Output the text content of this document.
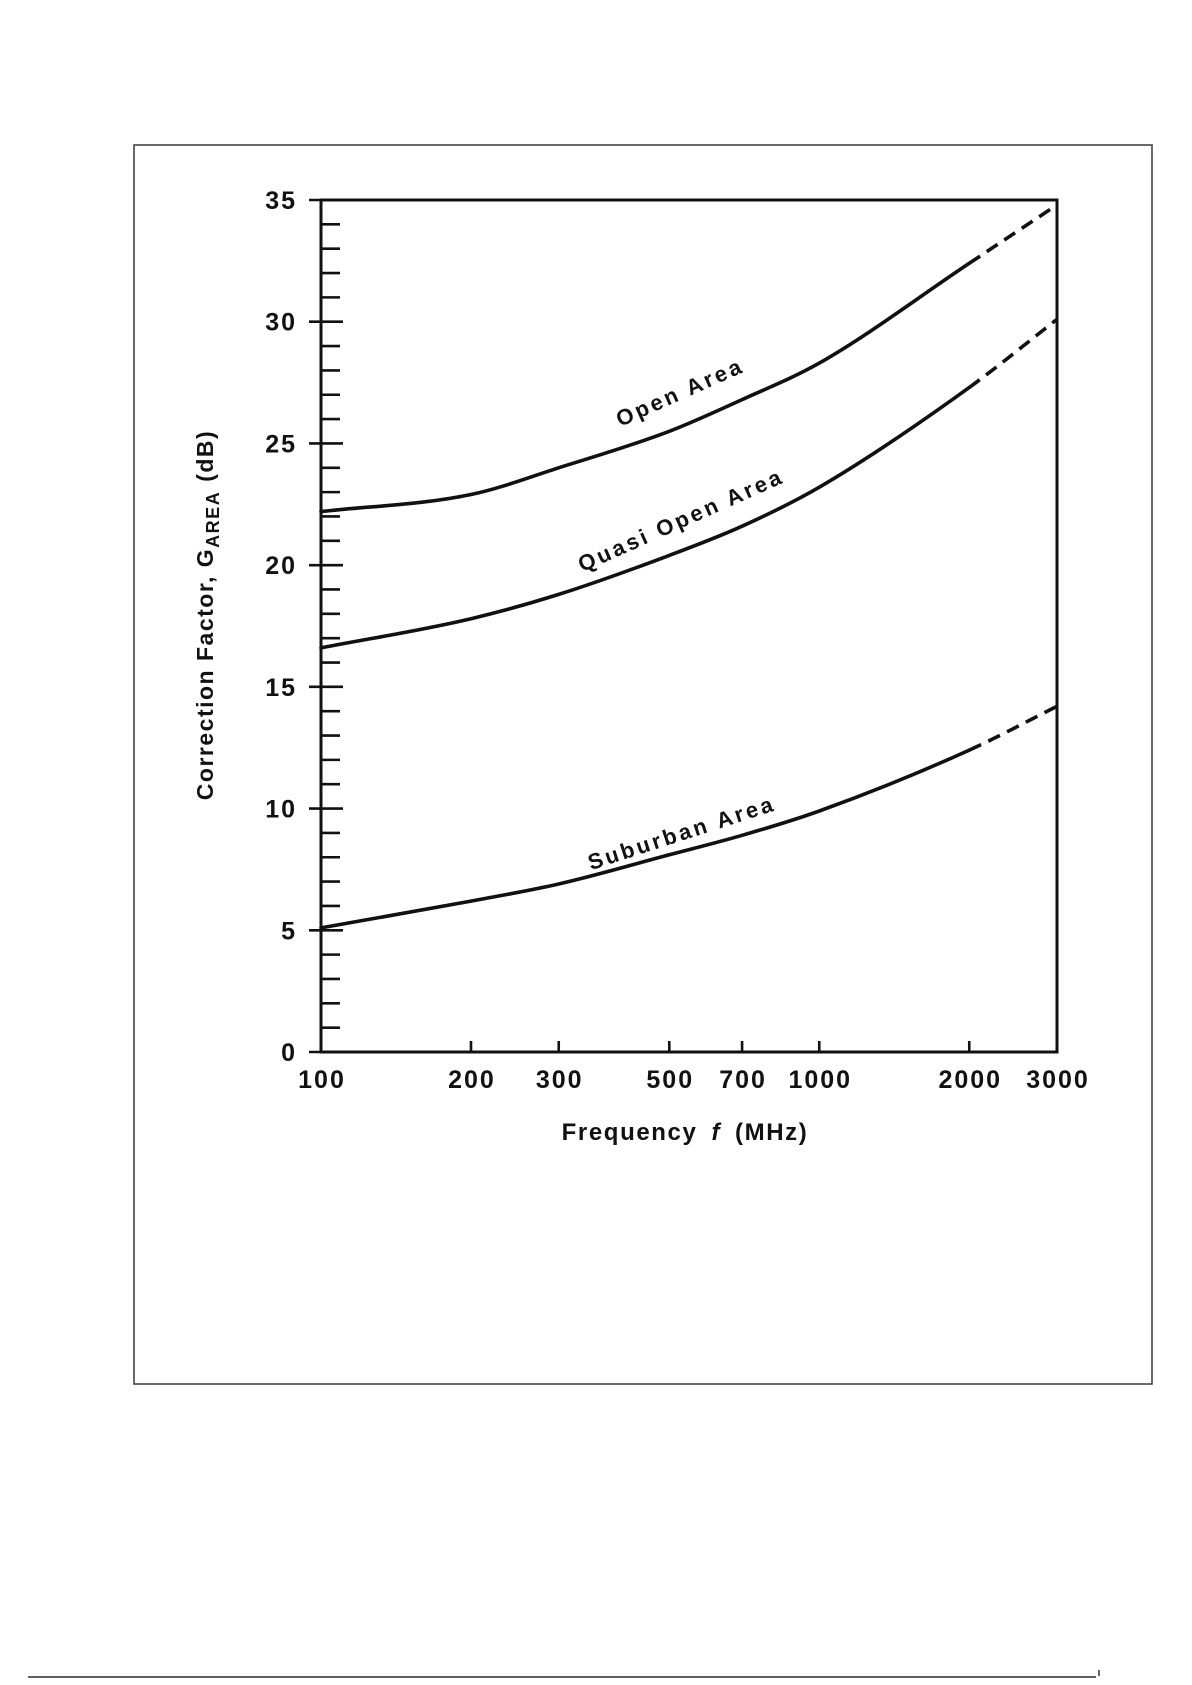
0
5
10
15
20
25
30
35
100	200 300	500 700 1000	2000 3000
Open Area
Quasi Open Area
Suburban Area
Frequency f (MHz)
Correction Factor, $G_{AREA}(dB)$
